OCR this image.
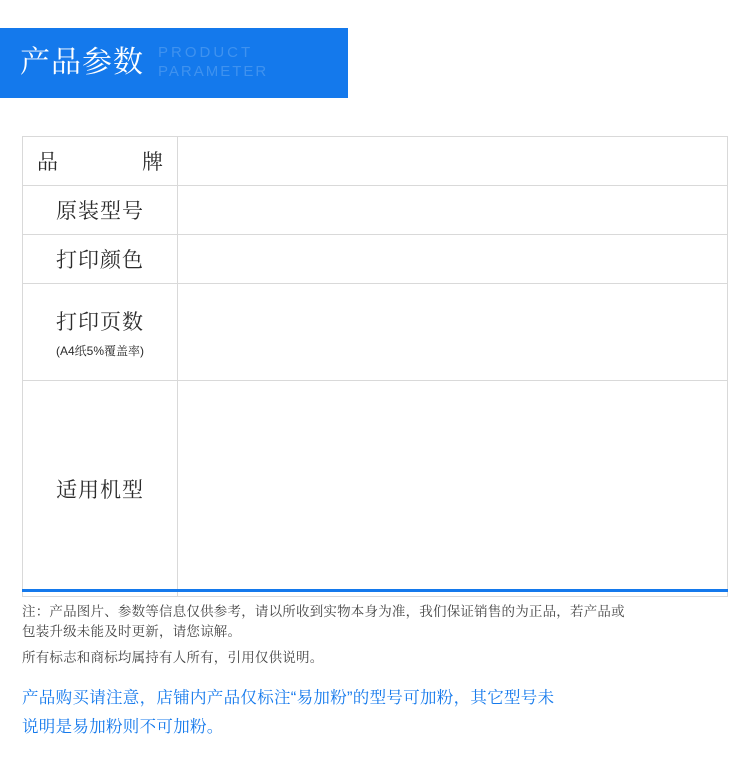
产品参数 PRODUCT
PARAMETER
品　　牌	
原装型号	
打印颜色	
打印页数
(A4纸5%覆盖率)	

适用机型	
注：产品图片、参数等信息仅供参考，请以所收到实物本身为准，我们保证销售的为正品，若产品或
包装升级未能及时更新，请您谅解。
所有标志和商标均属持有人所有，引用仅供说明。
产品购买请注意，店铺内产品仅标注“易加粉”的型号可加粉，其它型号未
说明是易加粉则不可加粉。
